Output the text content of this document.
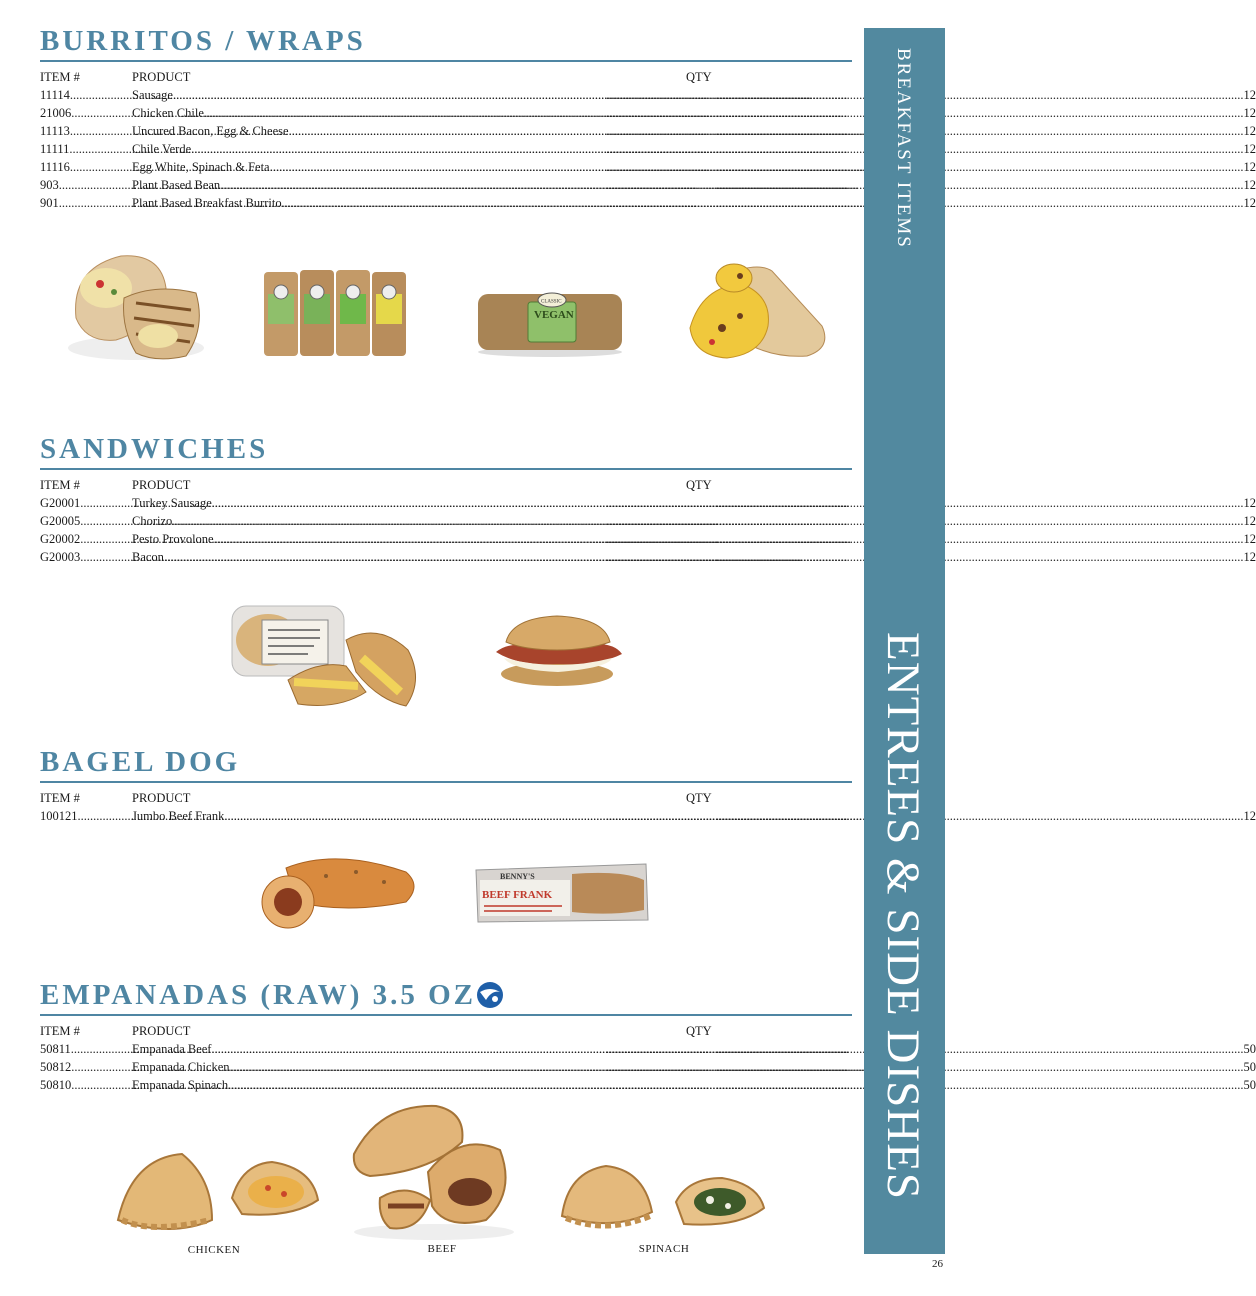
BURRITOS / WRAPS
ITEM #	PRODUCT	QTY
11114 .....	Sausage .....	..... 12
.....
21006 .....	Chicken Chile .....	..... 12
.....
11113 .....	Uncured Bacon, Egg & Cheese .....	..... 12
.....
11111 .....	Chile Verde .....	..... 12
.....
11116 .....	Egg White, Spinach & Feta .....	..... 12
.....
903 .....	Plant Based Bean .....	..... 12
.....
901 .....	Plant Based Breakfast Burrito .....	..... 12
.....
CLASSIC
VEGAN
SANDWICHES
ITEM #	PRODUCT	QTY
G20001 .....	Turkey Sausage .....	..... 12
.....
G20005 .....	Chorizo .....	..... 12
.....
G20002 .....	Pesto Provolone .....	..... 12
.....
G20003 .....	Bacon .....	..... 12
.....
BAGEL DOG
ITEM #	PRODUCT	QTY
100121 .....	Jumbo Beef Frank .....	..... 12
.....
BENNY'S
BEEF FRANK
EMPANADAS (RAW) 3.5 OZ
ITEM #	PRODUCT	QTY
50811 .....	Empanada Beef .....	..... 50
.....
50812 .....	Empanada Chicken .....	..... 50
.....
50810 .....	Empanada Spinach .....	..... 50
.....
CHICKEN	BEEF	SPINACH
BREAKFAST ITEMS
ENTREES & SIDE DISHES
26
